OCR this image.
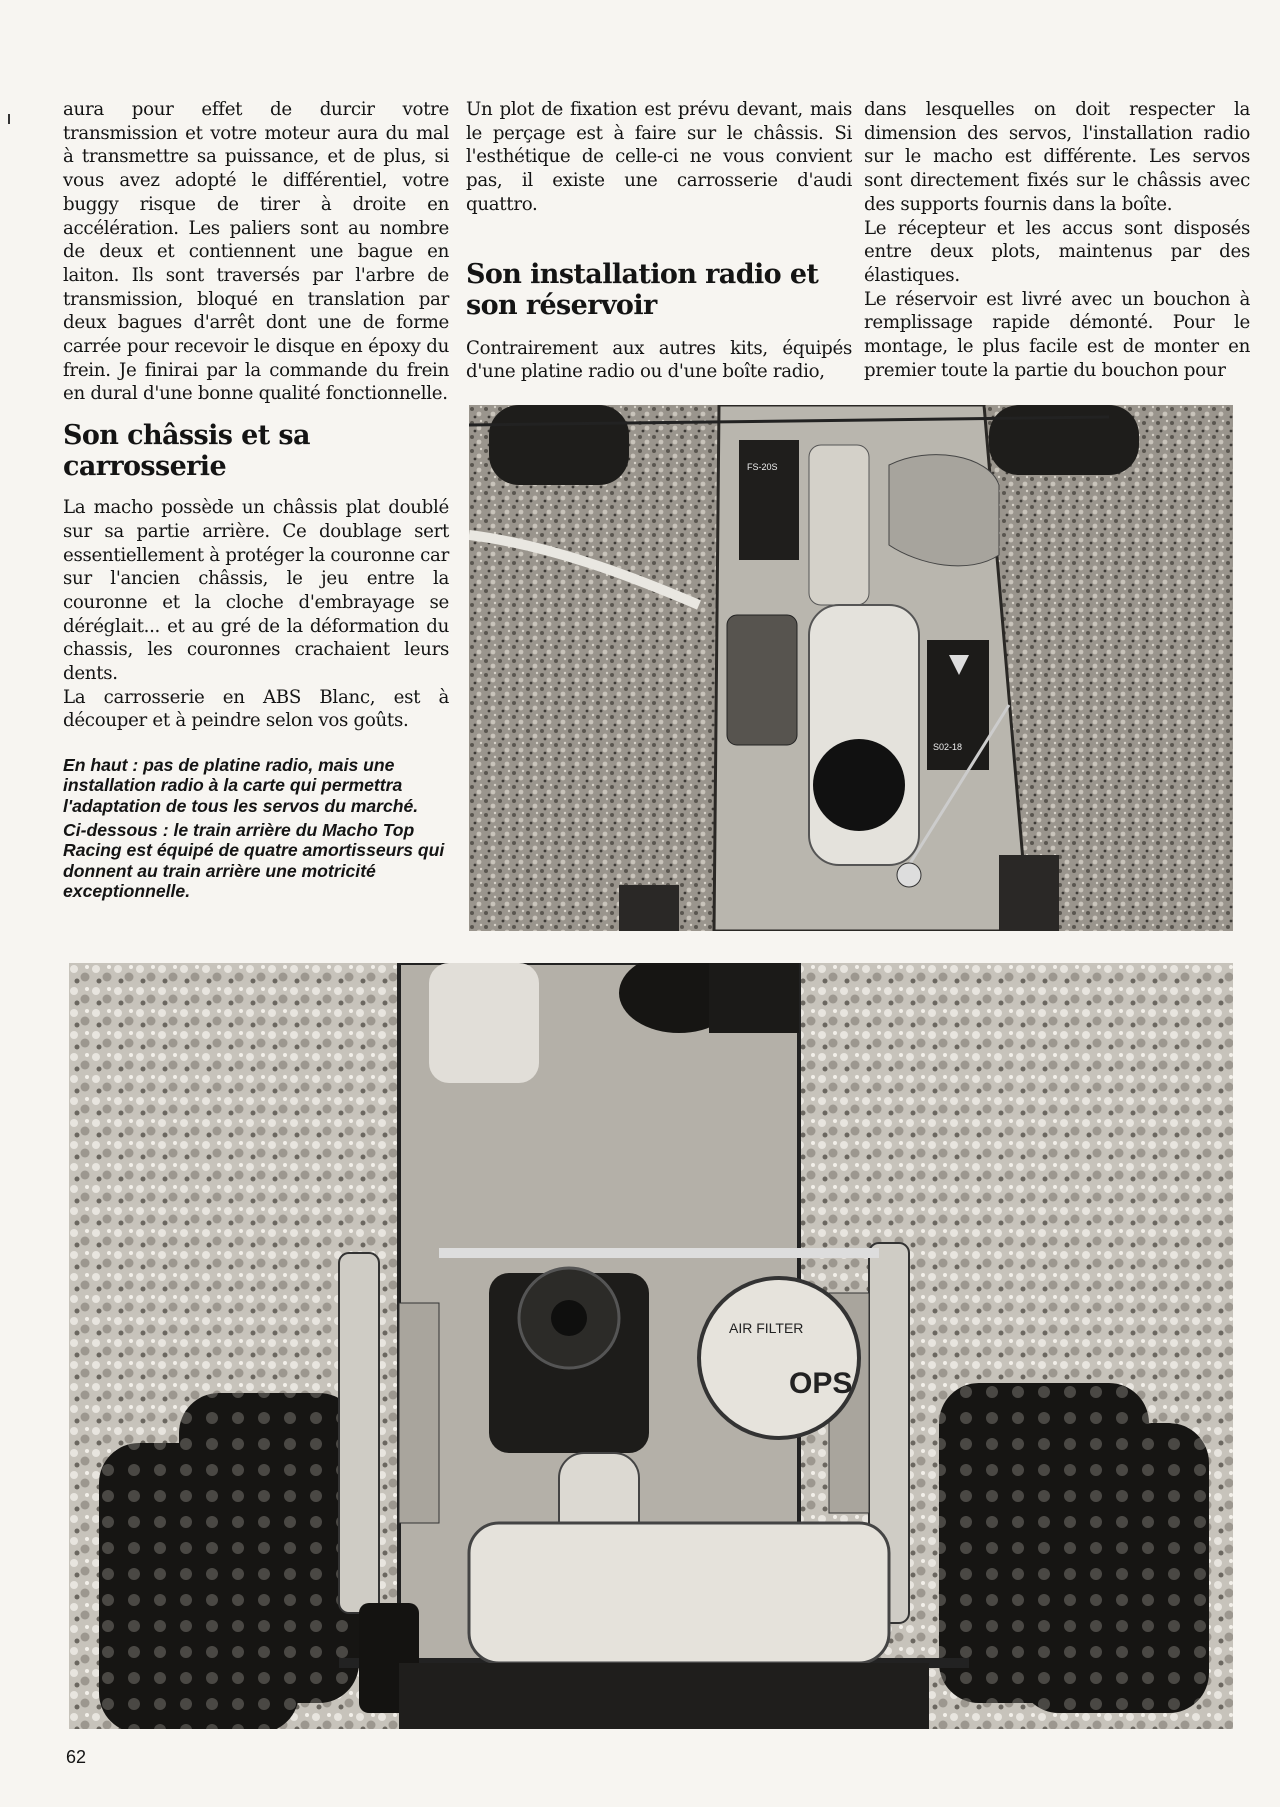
aura pour effet de durcir votre transmission et votre moteur aura du mal à transmettre sa puissance, et de plus, si vous avez adopté le différentiel, votre buggy risque de tirer à droite en accélération. Les paliers sont au nombre de deux et contiennent une bague en laiton. Ils sont traversés par l'arbre de transmission, bloqué en translation par deux bagues d'arrêt dont une de forme carrée pour recevoir le disque en époxy du frein. Je finirai par la commande du frein en dural d'une bonne qualité fonctionnelle.

Son châssis et sa carrosserie

La macho possède un châssis plat doublé sur sa partie arrière. Ce doublage sert essentiellement à protéger la couronne car sur l'ancien châssis, le jeu entre la couronne et la cloche d'embrayage se déréglait... et au gré de la déformation du chassis, les couronnes crachaient leurs dents.

La carrosserie en ABS Blanc, est à découper et à peindre selon vos goûts.

En haut : pas de platine radio, mais une installation radio à la carte qui permettra l'adaptation de tous les servos du marché.

Ci-dessous : le train arrière du Macho Top Racing est équipé de quatre amortisseurs qui donnent au train arrière une motricité exceptionnelle.

Un plot de fixation est prévu devant, mais le perçage est à faire sur le châssis. Si l'esthétique de celle-ci ne vous convient pas, il existe une carrosserie d'audi quattro.

Son installation radio et son réservoir

Contrairement aux autres kits, équipés d'une platine radio ou d'une boîte radio,

dans lesquelles on doit respecter la dimension des servos, l'installation radio sur le macho est différente. Les servos sont directement fixés sur le châssis avec des supports fournis dans la boîte.

Le récepteur et les accus sont disposés entre deux plots, maintenus par des élastiques.

Le réservoir est livré avec un bouchon à remplissage rapide démonté. Pour le montage, le plus facile est de monter en premier toute la partie du bouchon pour

FS-20S
S02-18
AIR FILTER
OPS
62
